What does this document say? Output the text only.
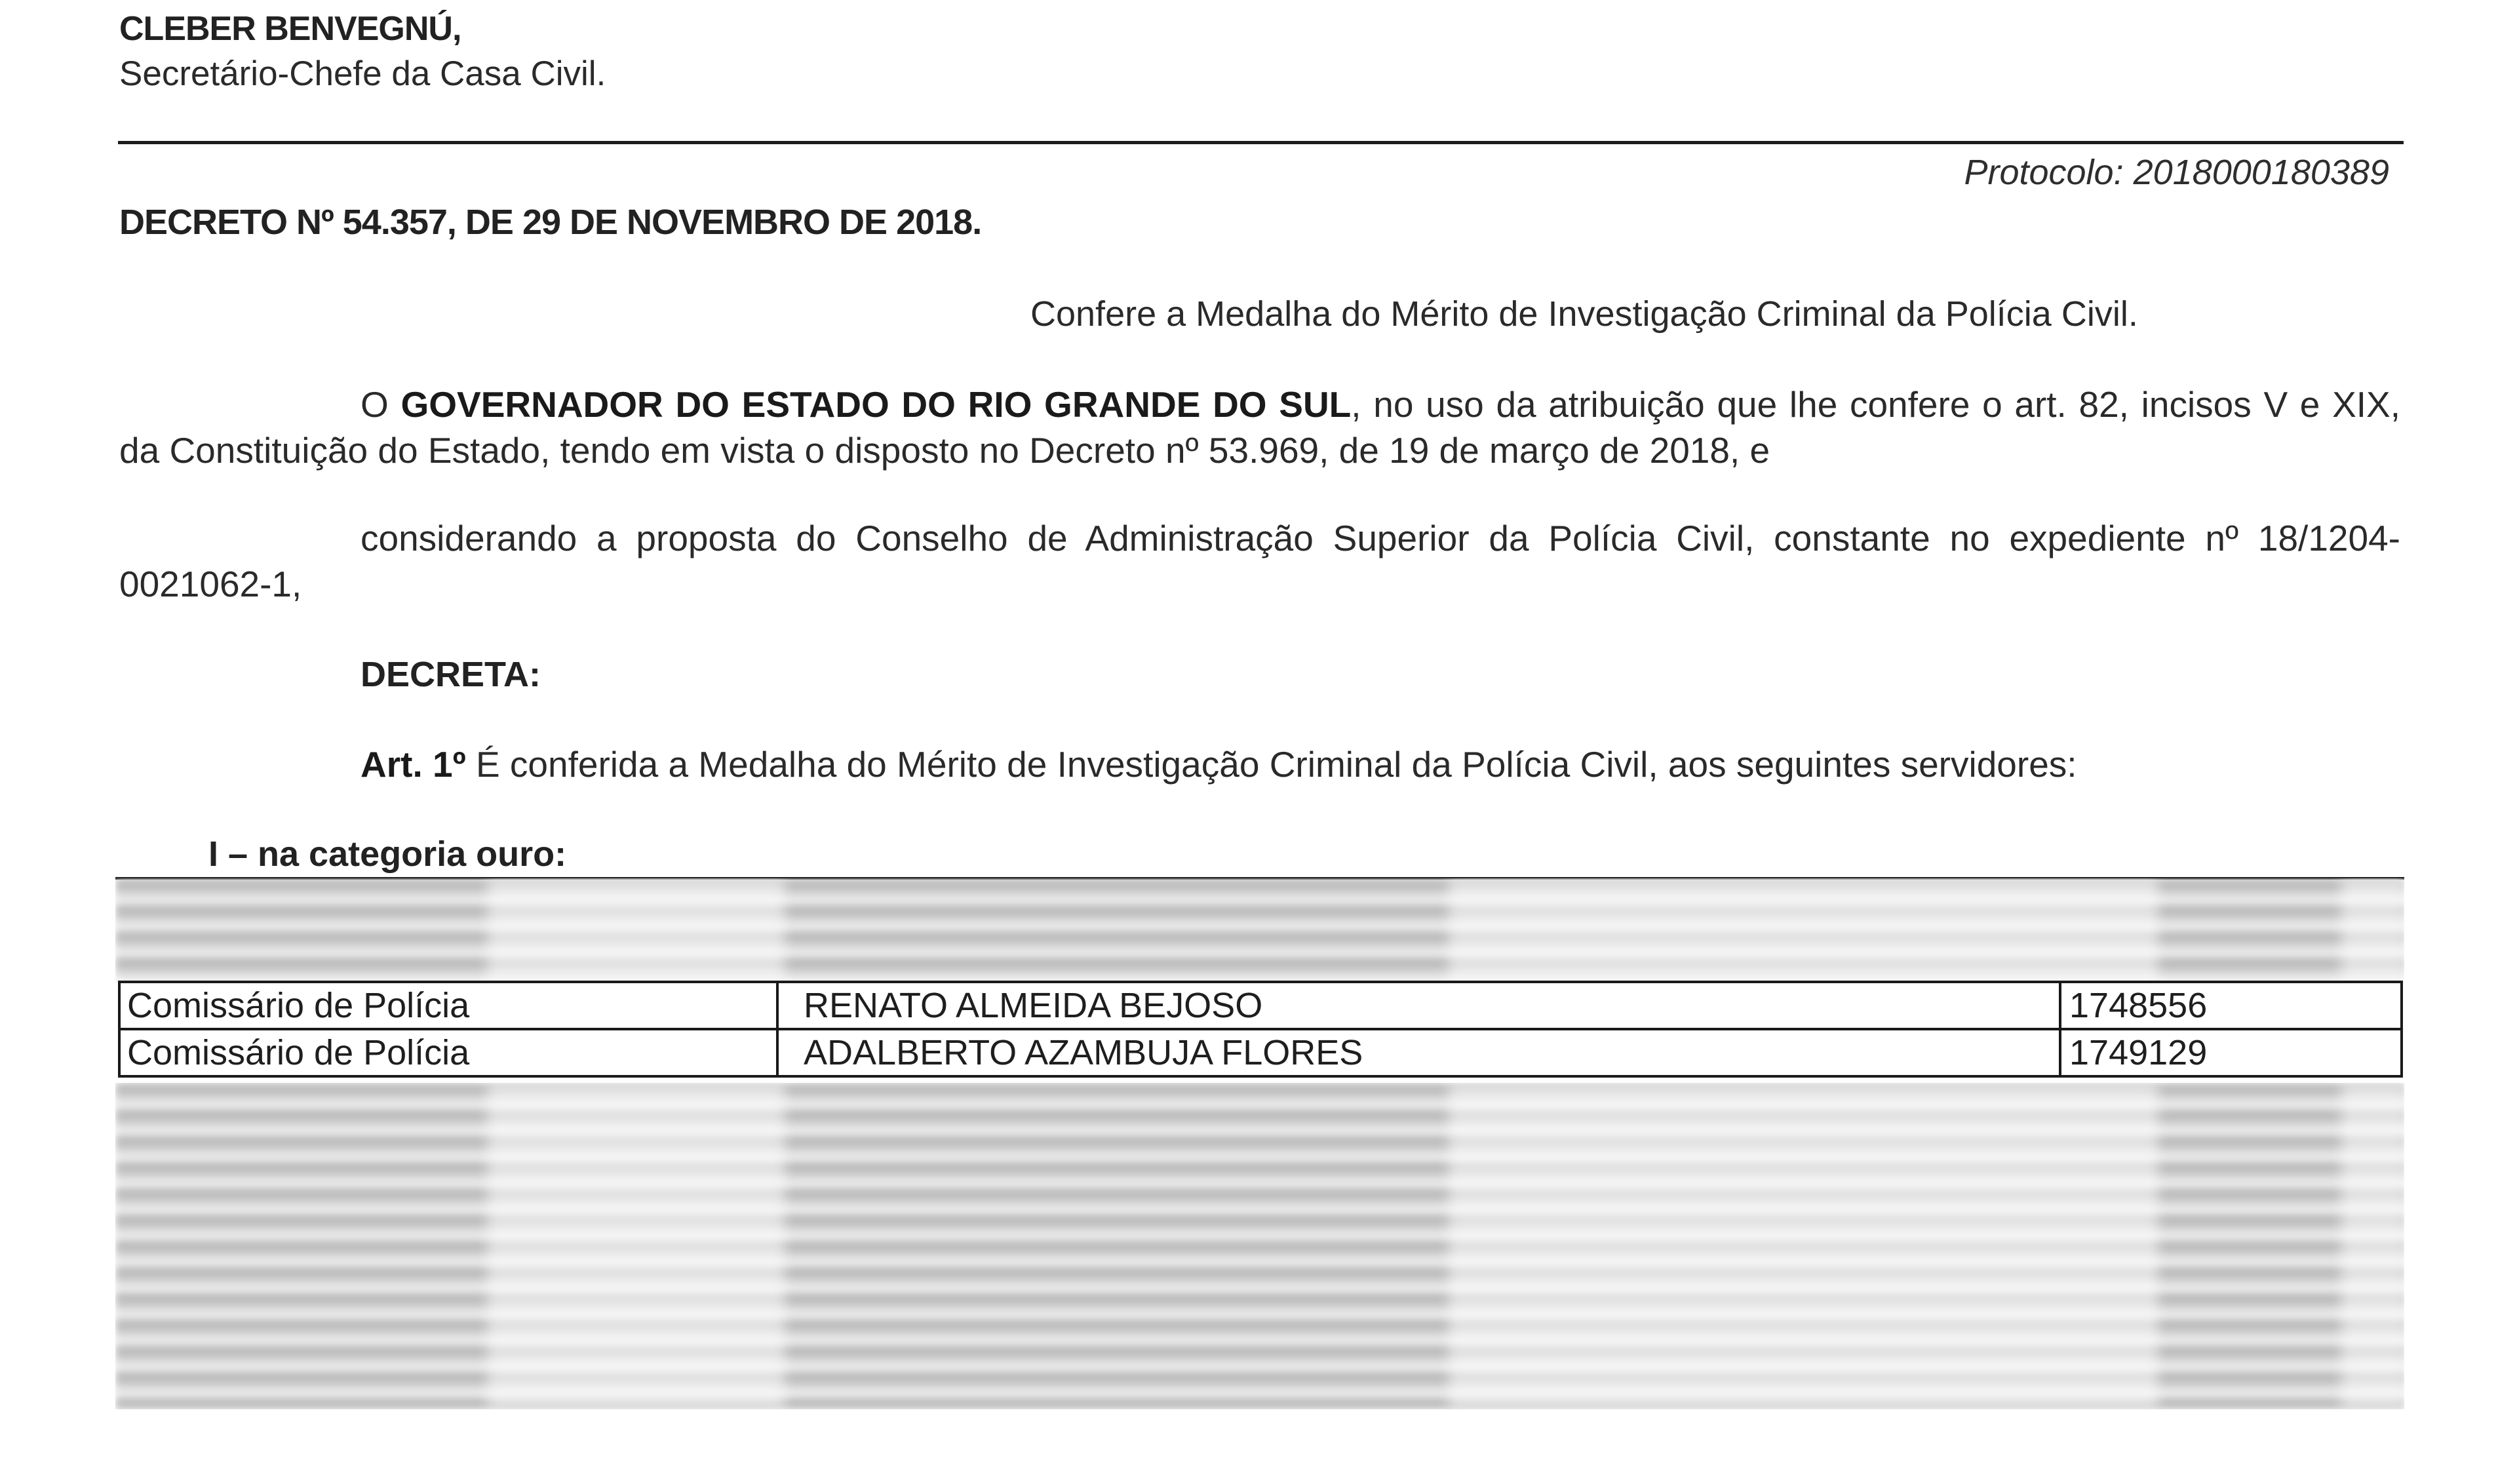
CLEBER BENVEGNÚ,

Secretário-Chefe da Casa Civil.

Protocolo: 2018000180389

DECRETO Nº 54.357, DE 29 DE NOVEMBRO DE 2018.

Confere a Medalha do Mérito de Investigação Criminal da Polícia Civil.

O GOVERNADOR DO ESTADO DO RIO GRANDE DO SUL, no uso da atribuição que lhe confere o art. 82, incisos V e XIX, da Constituição do Estado, tendo em vista o disposto no Decreto nº 53.969, de 19 de março de 2018, e
considerando a proposta do Conselho de Administração Superior da Polícia Civil, constante no expediente nº 18/1204-0021062-1,

DECRETA:

Art. 1º É conferida a Medalha do Mérito de Investigação Criminal da Polícia Civil, aos seguintes servidores:

I – na categoria ouro:

Comissário de Polícia	RENATO ALMEIDA BEJOSO	1748556
Comissário de Polícia	ADALBERTO AZAMBUJA FLORES	1749129
